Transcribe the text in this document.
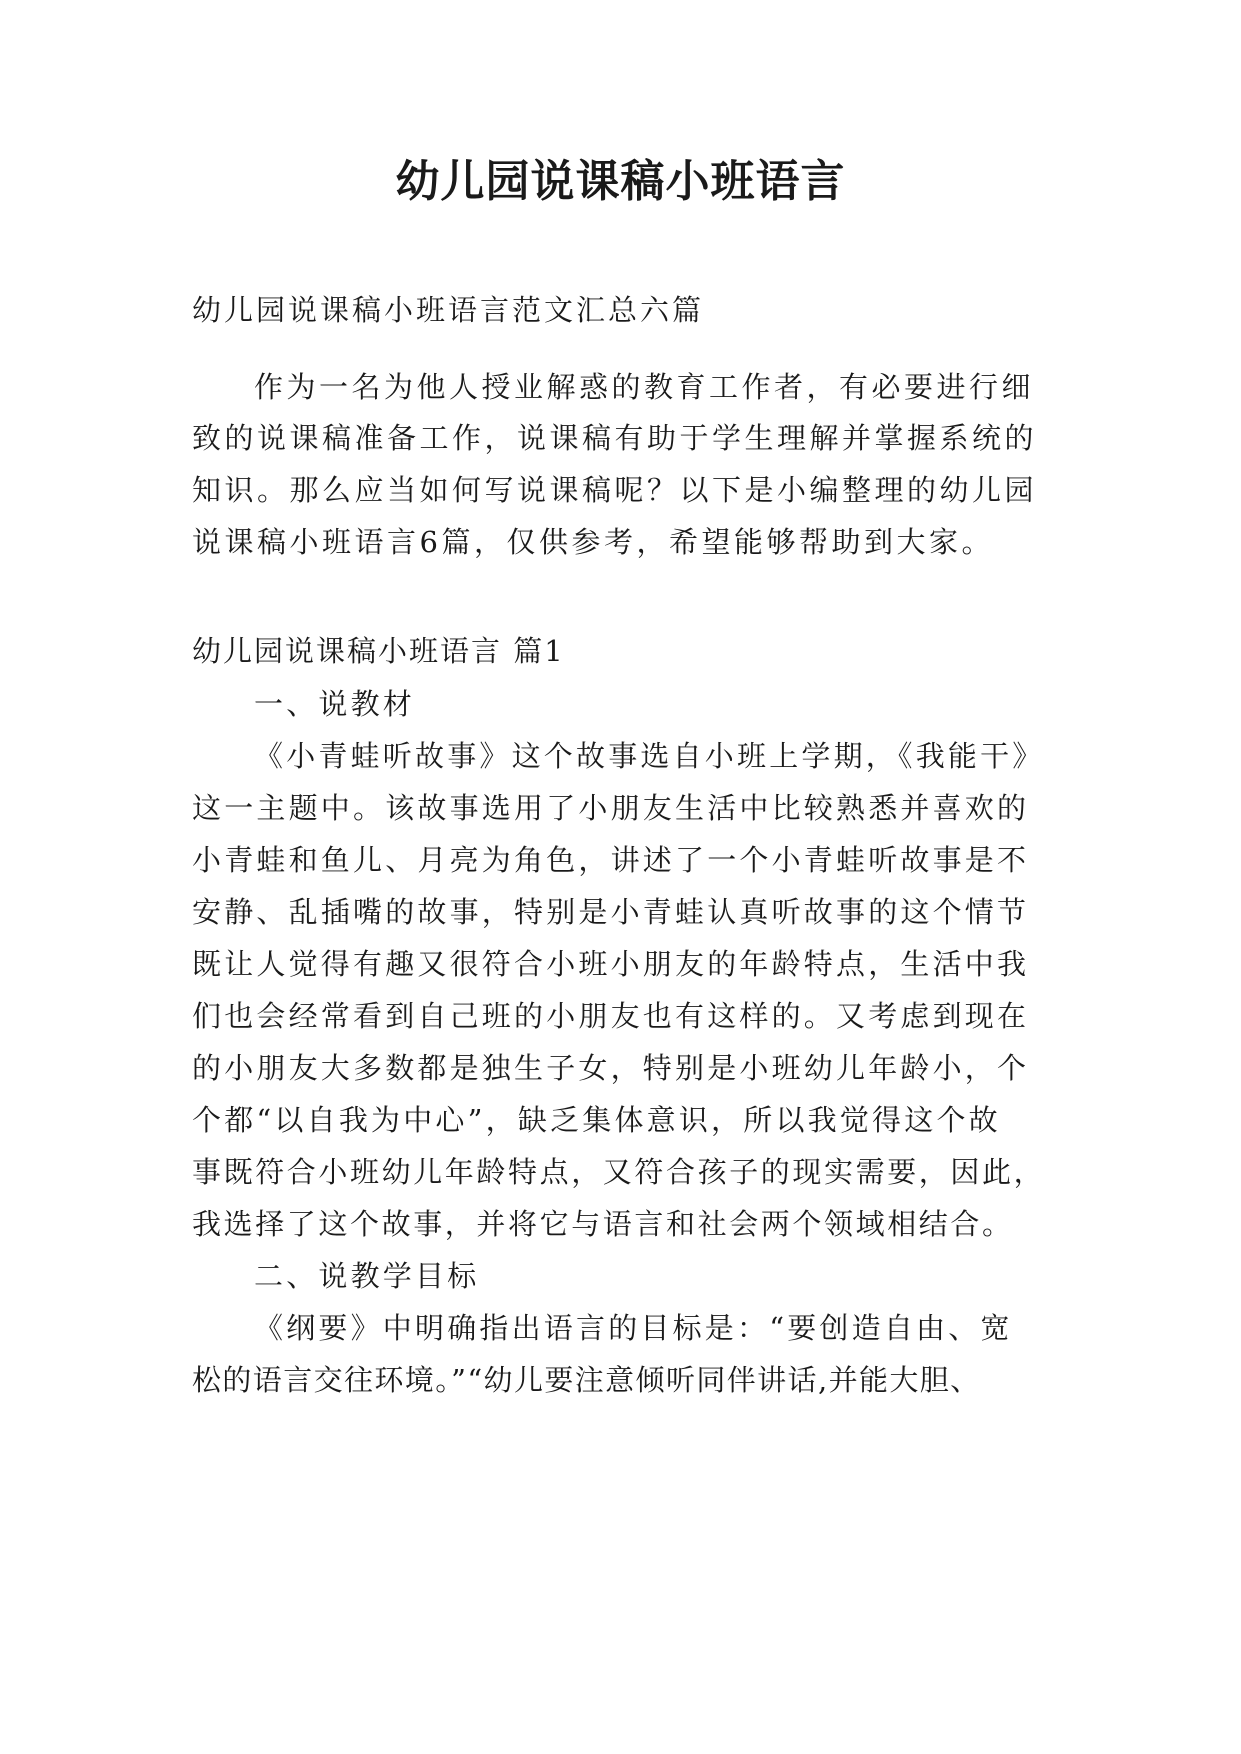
幼儿园说课稿小班语言

幼儿园说课稿小班语言范文汇总六篇

作为一名为他人授业解惑的教育工作者，有必要进行细

致的说课稿准备工作，说课稿有助于学生理解并掌握系统的

知识。那么应当如何写说课稿呢？以下是小编整理的幼儿园

说课稿小班语言6篇，仅供参考，希望能够帮助到大家。

幼儿园说课稿小班语言 篇1

一、说教材

《小青蛙听故事》这个故事选自小班上学期，《我能干》

这一主题中。该故事选用了小朋友生活中比较熟悉并喜欢的

小青蛙和鱼儿、月亮为角色，讲述了一个小青蛙听故事是不

安静、乱插嘴的故事，特别是小青蛙认真听故事的这个情节

既让人觉得有趣又很符合小班小朋友的年龄特点，生活中我

们也会经常看到自己班的小朋友也有这样的。又考虑到现在

的小朋友大多数都是独生子女，特别是小班幼儿年龄小，个

个都“以自我为中心”，缺乏集体意识，所以我觉得这个故

事既符合小班幼儿年龄特点，又符合孩子的现实需要，因此，

我选择了这个故事，并将它与语言和社会两个领域相结合。

二、说教学目标

《纲要》中明确指出语言的目标是：“要创造自由、宽

松的语言交往环境。”“幼儿要注意倾听同伴讲话,并能大胆、
